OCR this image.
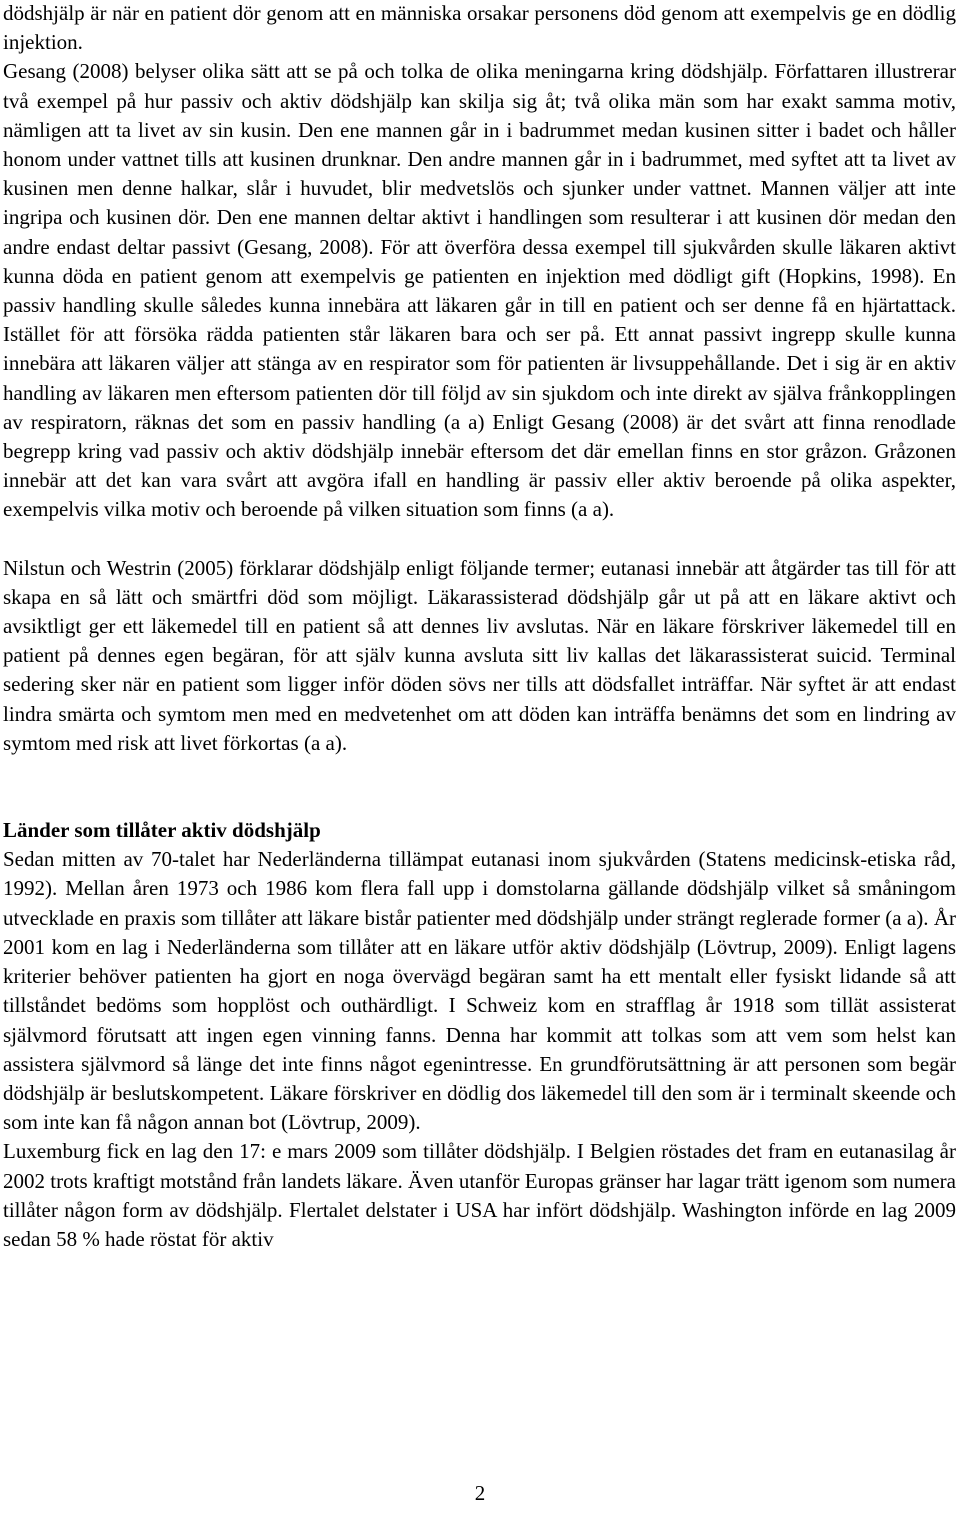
dödshjälp är när en patient dör genom att en människa orsakar personens död genom att exempelvis ge en dödlig injektion.

Gesang (2008) belyser olika sätt att se på och tolka de olika meningarna kring dödshjälp. Författaren illustrerar två exempel på hur passiv och aktiv dödshjälp kan skilja sig åt; två olika män som har exakt samma motiv, nämligen att ta livet av sin kusin. Den ene mannen går in i badrummet medan kusinen sitter i badet och håller honom under vattnet tills att kusinen drunknar. Den andre mannen går in i badrummet, med syftet att ta livet av kusinen men denne halkar, slår i huvudet, blir medvetslös och sjunker under vattnet. Mannen väljer att inte ingripa och kusinen dör. Den ene mannen deltar aktivt i handlingen som resulterar i att kusinen dör medan den andre endast deltar passivt (Gesang, 2008). För att överföra dessa exempel till sjukvården skulle läkaren aktivt kunna döda en patient genom att exempelvis ge patienten en injektion med dödligt gift (Hopkins, 1998). En passiv handling skulle således kunna innebära att läkaren går in till en patient och ser denne få en hjärtattack. Istället för att försöka rädda patienten står läkaren bara och ser på. Ett annat passivt ingrepp skulle kunna innebära att läkaren väljer att stänga av en respirator som för patienten är livsuppehållande. Det i sig är en aktiv handling av läkaren men eftersom patienten dör till följd av sin sjukdom och inte direkt av själva frånkopplingen av respiratorn, räknas det som en passiv handling (a a) Enligt Gesang (2008) är det svårt att finna renodlade begrepp kring vad passiv och aktiv dödshjälp innebär eftersom det där emellan finns en stor gråzon. Gråzonen innebär att det kan vara svårt att avgöra ifall en handling är passiv eller aktiv beroende på olika aspekter, exempelvis vilka motiv och beroende på vilken situation som finns (a a).

Nilstun och Westrin (2005) förklarar dödshjälp enligt följande termer; eutanasi innebär att åtgärder tas till för att skapa en så lätt och smärtfri död som möjligt. Läkarassisterad dödshjälp går ut på att en läkare aktivt och avsiktligt ger ett läkemedel till en patient så att dennes liv avslutas. När en läkare förskriver läkemedel till en patient på dennes egen begäran, för att själv kunna avsluta sitt liv kallas det läkarassisterat suicid. Terminal sedering sker när en patient som ligger inför döden sövs ner tills att dödsfallet inträffar. När syftet är att endast lindra smärta och symtom men med en medvetenhet om att döden kan inträffa benämns det som en lindring av symtom med risk att livet förkortas (a a).

Länder som tillåter aktiv dödshjälp

Sedan mitten av 70-talet har Nederländerna tillämpat eutanasi inom sjukvården (Statens medicinsk-etiska råd, 1992). Mellan åren 1973 och 1986 kom flera fall upp i domstolarna gällande dödshjälp vilket så småningom utvecklade en praxis som tillåter att läkare bistår patienter med dödshjälp under strängt reglerade former (a a). År 2001 kom en lag i Nederländerna som tillåter att en läkare utför aktiv dödshjälp (Lövtrup, 2009). Enligt lagens kriterier behöver patienten ha gjort en noga övervägd begäran samt ha ett mentalt eller fysiskt lidande så att tillståndet bedöms som hopplöst och outhärdligt. I Schweiz kom en strafflag år 1918 som tillät assisterat självmord förutsatt att ingen egen vinning fanns. Denna har kommit att tolkas som att vem som helst kan assistera självmord så länge det inte finns något egenintresse. En grundförutsättning är att personen som begär dödshjälp är beslutskompetent. Läkare förskriver en dödlig dos läkemedel till den som är i terminalt skeende och som inte kan få någon annan bot (Lövtrup, 2009).

Luxemburg fick en lag den 17: e mars 2009 som tillåter dödshjälp. I Belgien röstades det fram en eutanasilag år 2002 trots kraftigt motstånd från landets läkare. Även utanför Europas gränser har lagar trätt igenom som numera tillåter någon form av dödshjälp. Flertalet delstater i USA har infört dödshjälp. Washington införde en lag 2009 sedan 58 % hade röstat för aktiv

2
